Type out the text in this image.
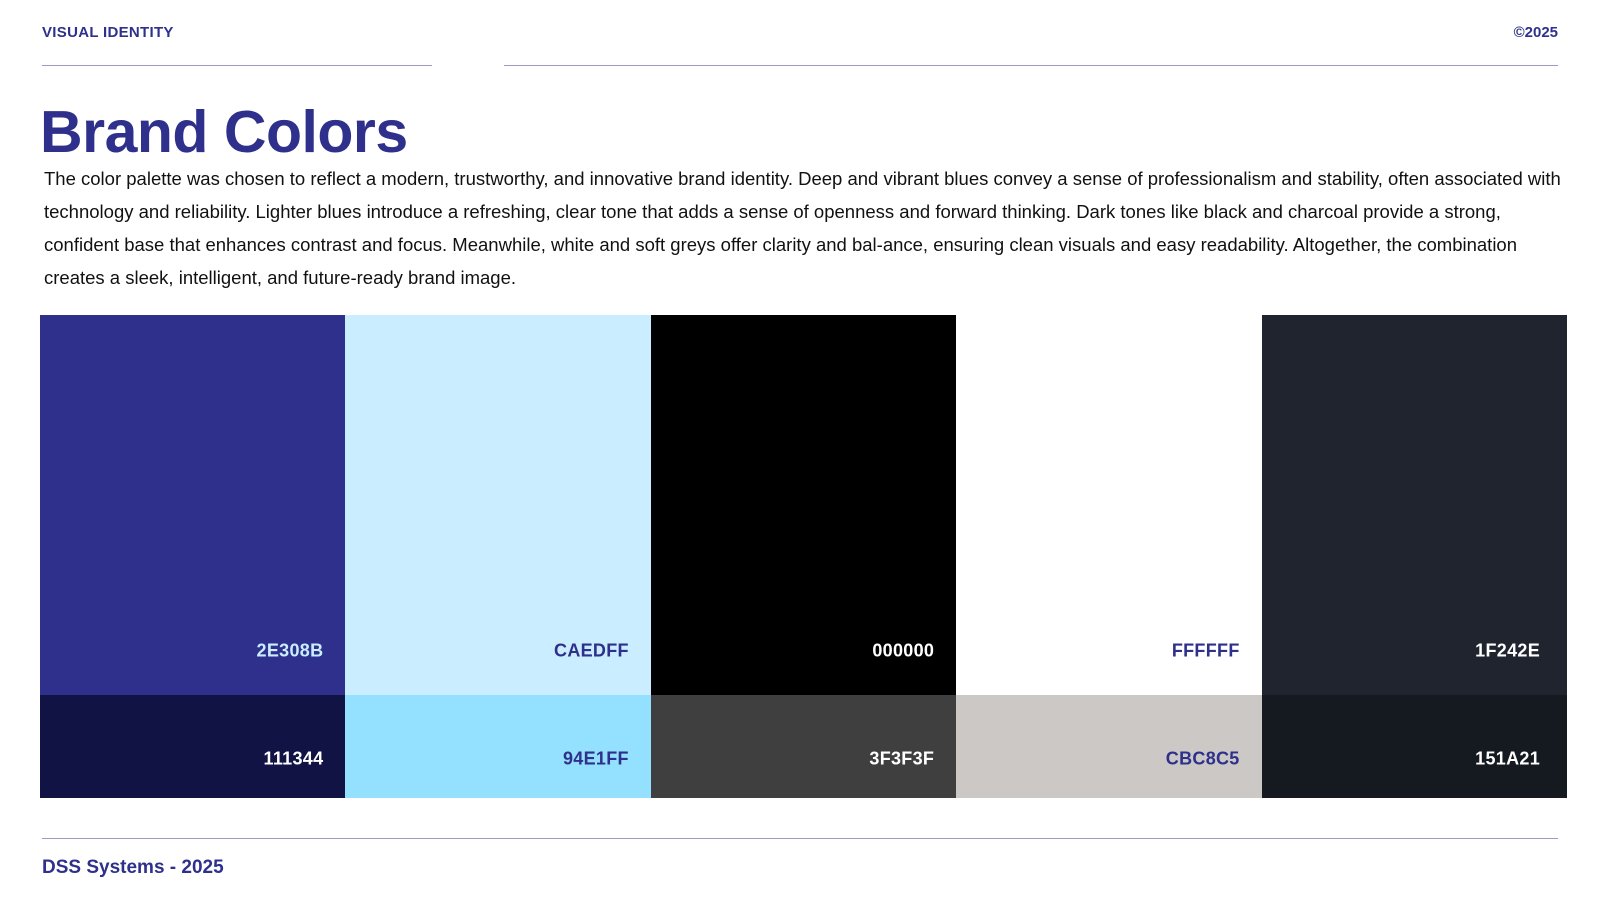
VISUAL IDENTITY	©2025
Brand Colors

The color palette was chosen to reflect a modern, trustworthy, and innovative brand identity. Deep and vibrant blues convey a sense of professionalism and stability, often associated with technology and reliability. Lighter blues introduce a refreshing, clear tone that adds a sense of openness and forward thinking. Dark tones like black and charcoal provide a strong, confident base that enhances contrast and focus. Meanwhile, white and soft greys offer clarity and bal-ance, ensuring clean visuals and easy readability. Altogether, the combination creates a sleek, intelligent, and future-ready brand image.

2E308B
111344
CAEDFF
94E1FF
000000
3F3F3F
FFFFFF
CBC8C5
1F242E
151A21
DSS Systems - 2025
